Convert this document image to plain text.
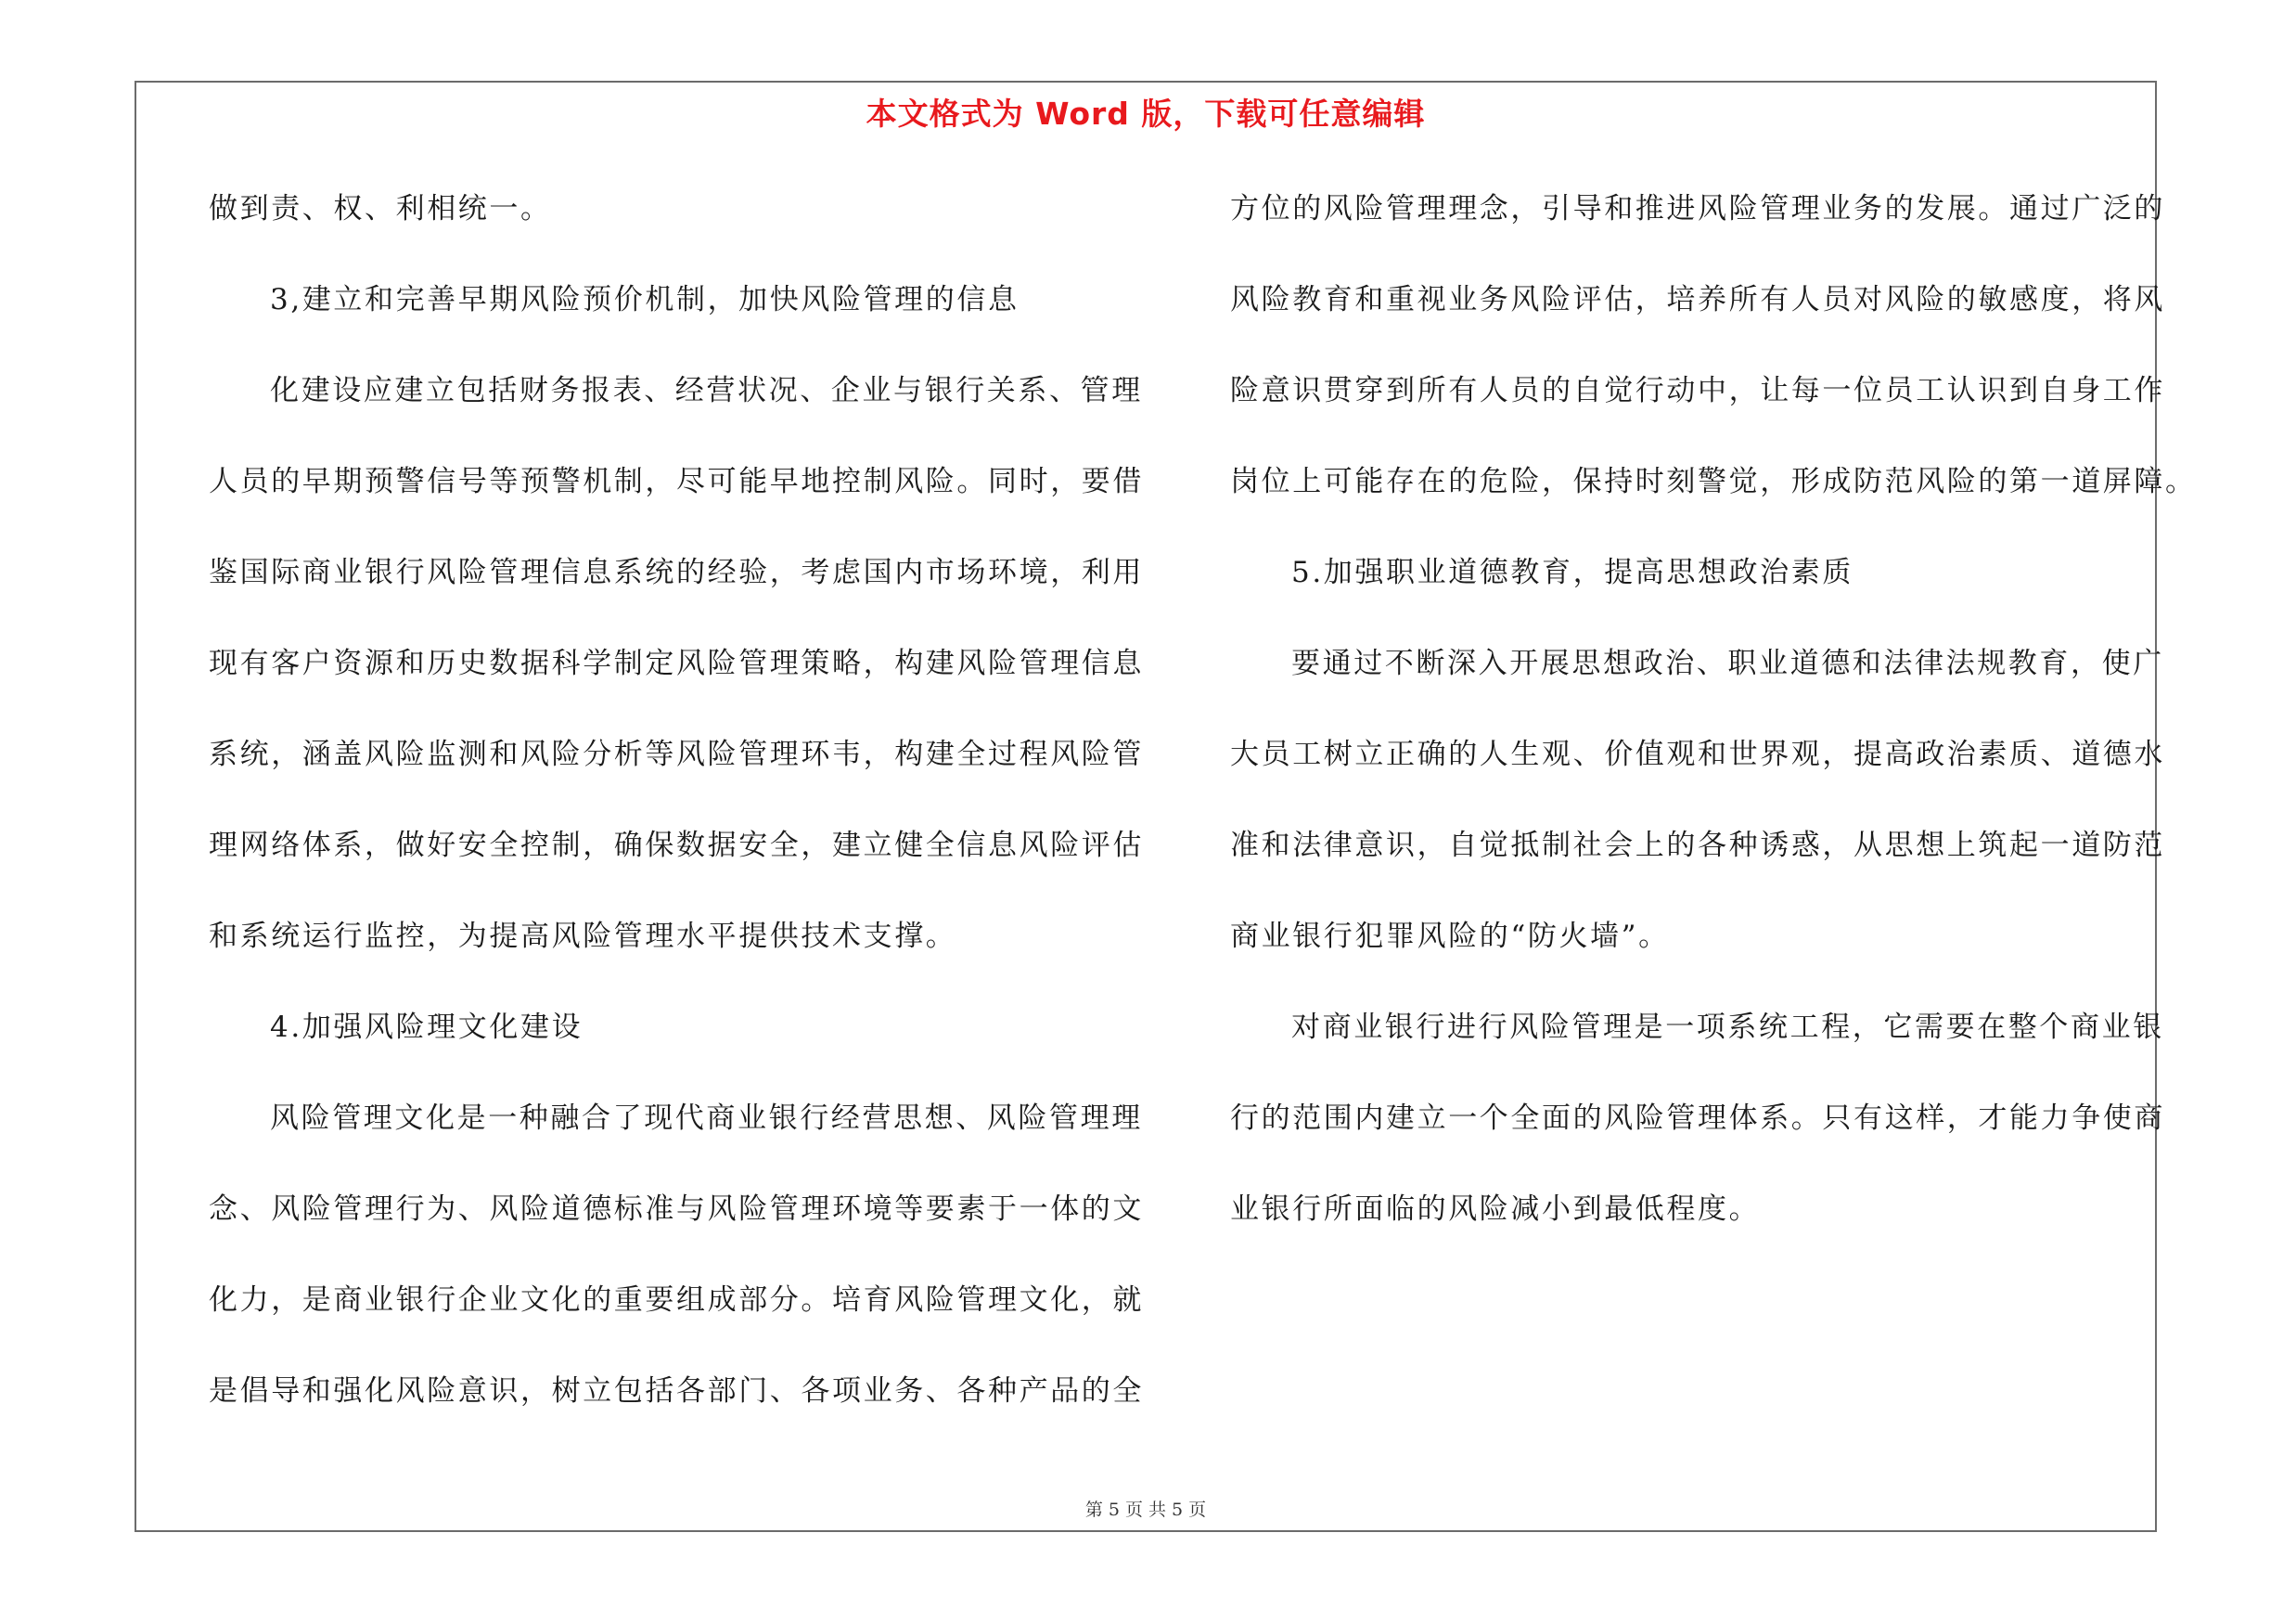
本文格式为 Word 版，下载可任意编辑
做到责、权、利相统一。
3,建立和完善早期风险预价机制，加快风险管理的信息
化建设应建立包括财务报表、经营状况、企业与银行关系、管理
人员的早期预警信号等预警机制，尽可能早地控制风险。同时，要借
鉴国际商业银行风险管理信息系统的经验，考虑国内市场环境，利用
现有客户资源和历史数据科学制定风险管理策略，构建风险管理信息
系统，涵盖风险监测和风险分析等风险管理环韦，构建全过程风险管
理网络体系，做好安全控制，确保数据安全，建立健全信息风险评估
和系统运行监控，为提高风险管理水平提供技术支撑。
4.加强风险理文化建设
风险管理文化是一种融合了现代商业银行经营思想、风险管理理
念、风险管理行为、风险道德标准与风险管理环境等要素于一体的文
化力，是商业银行企业文化的重要组成部分。培育风险管理文化，就
是倡导和强化风险意识，树立包括各部门、各项业务、各种产品的全
方位的风险管理理念，引导和推进风险管理业务的发展。通过广泛的
风险教育和重视业务风险评估，培养所有人员对风险的敏感度，将风
险意识贯穿到所有人员的自觉行动中，让每一位员工认识到自身工作
岗位上可能存在的危险，保持时刻警觉，形成防范风险的第一道屏障。
5.加强职业道德教育，提高思想政治素质
要通过不断深入开展思想政治、职业道德和法律法规教育，使广
大员工树立正确的人生观、价值观和世界观，提高政治素质、道德水
准和法律意识，自觉抵制社会上的各种诱惑，从思想上筑起一道防范
商业银行犯罪风险的“防火墙”。
对商业银行进行风险管理是一项系统工程，它需要在整个商业银
行的范围内建立一个全面的风险管理体系。只有这样，才能力争使商
业银行所面临的风险减小到最低程度。
第 5 页 共 5 页
